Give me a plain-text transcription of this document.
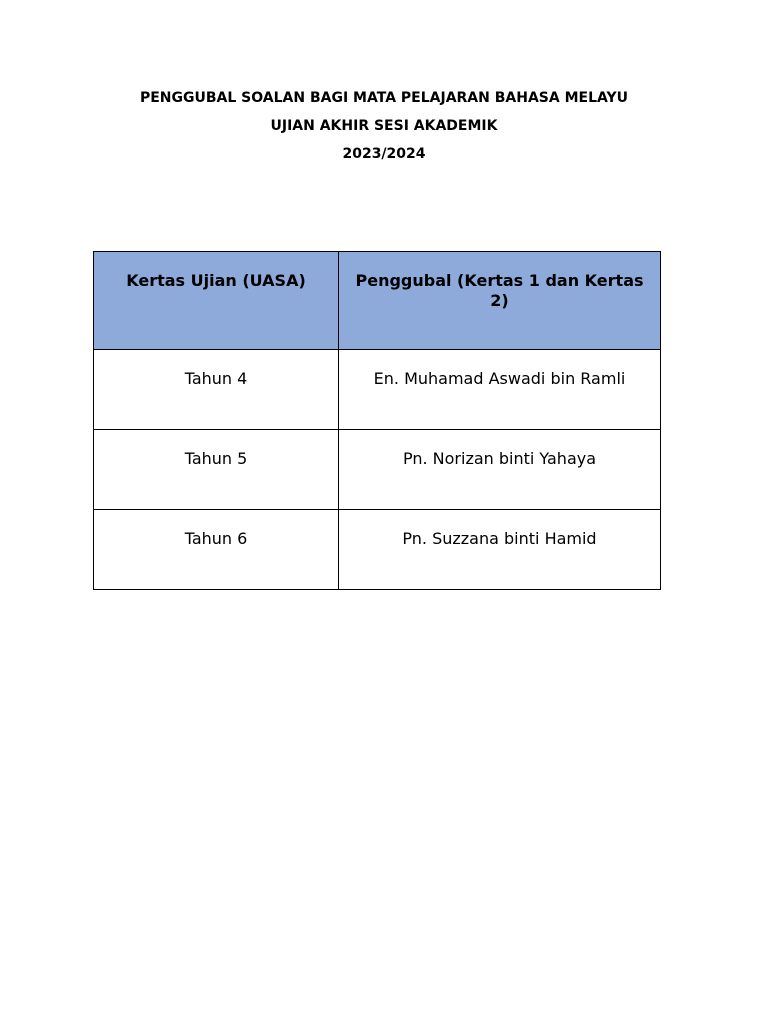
PENGGUBAL SOALAN BAGI MATA PELAJARAN BAHASA MELAYU
UJIAN AKHIR SESI AKADEMIK
2023/2024
Kertas Ujian (UASA)	Penggubal (Kertas 1 dan Kertas 2)
Tahun 4	En. Muhamad Aswadi bin Ramli
Tahun 5	Pn. Norizan binti Yahaya
Tahun 6	Pn. Suzzana binti Hamid
